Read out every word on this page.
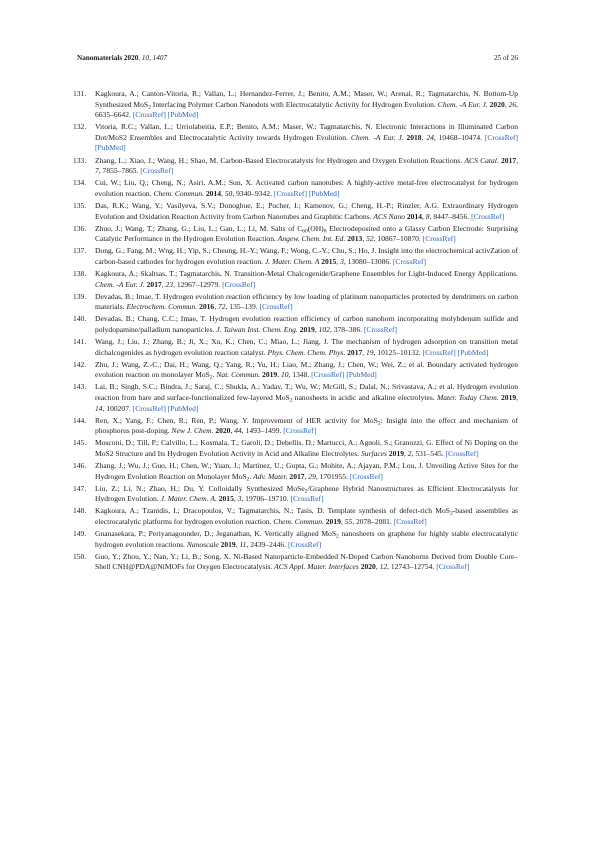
Nanomaterials 2020, 10, 1407	25 of 26
131. Kagkoura, A.; Canton-Vitoria, R.; Vallan, L.; Hernandez-Ferrer, J.; Benito, A.M.; Maser, W.; Arenal, R.; Tagmatarchis, N. Bottom-Up Synthesized MoS$_2$ Interfacing Polymer Carbon Nanodots with Electrocatalytic Activity for Hydrogen Evolution. Chem. -A Eur. J. 2020, 26, 6635–6642. [CrossRef] [PubMed]
132. Vitoria, R.C.; Vallan, L.; Urriolabeitia, E.P.; Benito, A.M.; Maser, W.; Tagmatarchis, N. Electronic Interactions in Illuminated Carbon Dot/MoS2 Ensembles and Electrocatalytic Activity towards Hydrogen Evolution. Chem. -A Eur. J. 2018, 24, 10468–10474. [CrossRef] [PubMed]
133. Zhang, L.; Xiao, J.; Wang, H.; Shao, M. Carbon-Based Electrocatalysts for Hydrogen and Oxygen Evolution Reactions. ACS Catal. 2017, 7, 7855–7865. [CrossRef]
134. Cui, W.; Liu, Q.; Cheng, N.; Asiri, A.M.; Sun, X. Activated carbon nanotubes: A highly-active metal-free electrocatalyst for hydrogen evolution reaction. Chem. Commun. 2014, 50, 9340–9342. [CrossRef] [PubMed]
135. Das, R.K.; Wang, Y.; Vasilyeva, S.V.; Donoghue, E.; Pucher, I.; Kamenov, G.; Cheng, H.-P.; Rinzler, A.G. Extraordinary Hydrogen Evolution and Oxidation Reaction Activity from Carbon Nanotubes and Graphitic Carbons. ACS Nano 2014, 8, 8447–8456. [CrossRef]
136. Zhuo, J.; Wang, T.; Zhang, G.; Liu, L.; Gan, L.; Li, M. Salts of $C_{60}(OH)_8$ Electrodeposited onto a Glassy Carbon Electrode: Surprising Catalytic Performance in the Hydrogen Evolution Reaction. Angew. Chem. Int. Ed. 2013, 52, 10867–10870. [CrossRef]
137. Dong, G.; Fang, M.; Wng, H.; Yip, S.; Cheung, H.-Y.; Wang, F.; Wong, C.-Y.; Chu, S.; Ho, J. Insight into the electrochemical activZation of carbon-based cathodes for hydrogen evolution reaction. J. Mater. Chem. A 2015, 3, 13080–13086. [CrossRef]
138. Kagkoura, A.; Skaltsas, T.; Tagmatarchis, N. Transition-Metal Chalcogenide/Graphene Ensembles for Light-Induced Energy Applications. Chem. -A Eur. J. 2017, 23, 12967–12979. [CrossRef]
139. Devadas, B.; Imae, T. Hydrogen evolution reaction efficiency by low loading of platinum nanoparticles protected by dendrimers on carbon materials. Electrochem. Commun. 2016, 72, 135–139. [CrossRef]
140. Devadas, B.; Chang, C.C.; Imae, T. Hydrogen evolution reaction efficiency of carbon nanohorn incorporating molybdenum sulfide and polydopamine/palladium nanoparticles. J. Taiwan Inst. Chem. Eng. 2019, 102, 378–386. [CrossRef]
141. Wang, J.; Liu, J.; Zhang, B.; Ji, X.; Xu, K.; Chen, C.; Miao, L.; Jiang, J. The mechanism of hydrogen adsorption on transition metal dichalcogenides as hydrogen evolution reaction catalyst. Phys. Chem. Chem. Phys. 2017, 19, 10125–10132. [CrossRef] [PubMed]
142. Zhu, J.; Wang, Z.-C.; Dai, H.; Wang, Q.; Yang, R.; Yu, H.; Liao, M.; Zhang, J.; Chen, W.; Wei, Z.; et al. Boundary activated hydrogen evolution reaction on monolayer MoS$_2$. Nat. Commun. 2019, 10, 1348. [CrossRef] [PubMed]
143. Lai, B.; Singh, S.C.; Bindra, J.; Saraj, C.; Shukla, A.; Yadav, T.; Wu, W.; McGill, S.; Dalal, N.; Srivastava, A.; et al. Hydrogen evolution reaction from bare and surface-functionalized few-layered MoS$_2$ nanosheets in acidic and alkaline electrolytes. Mater. Today Chem. 2019, 14, 100207. [CrossRef] [PubMed]
144. Ren, X.; Yang, F.; Chen, R.; Ren, P.; Wang, Y. Improvement of HER activity for MoS$_2$: Insight into the effect and mechanism of phosphorus post-doping. New J. Chem. 2020, 44, 1493–1499. [CrossRef]
145. Mosconi, D.; Till, P.; Calvillo, L.; Kosmala, T.; Garoli, D.; Debellis, D.; Martucci, A.; Agnoli, S.; Granozzi, G. Effect of Ni Doping on the MoS2 Structure and Its Hydrogen Evolution Activity in Acid and Alkaline Electrolytes. Surfaces 2019, 2, 531–545. [CrossRef]
146. Zhang, J.; Wu, J.; Guo, H.; Chen, W.; Yuan, J.; Martinez, U.; Gupta, G.; Mohite, A.; Ajayan, P.M.; Lou, J. Unveiling Active Sites for the Hydrogen Evolution Reaction on Monolayer MoS$_2$. Adv. Mater. 2017, 29, 1701955. [CrossRef]
147. Liu, Z.; Li, N.; Zhao, H.; Du, Y. Colloidally Synthesized MoSe$_2$/Graphene Hybrid Nanostructures as Efficient Electrocatalysts for Hydrogen Evolution. J. Mater. Chem. A. 2015, 3, 19706–19710. [CrossRef]
148. Kagkoura, A.; Tzanidis, I.; Dracopoulos, V.; Tagmatarchis, N.; Tasis, D. Template synthesis of defect-rich MoS$_2$-based assemblies as electrocatalytic platforms for hydrogen evolution reaction. Chem. Commun. 2019, 55, 2078–2081. [CrossRef]
149. Gnanasekara, P.; Periyanagounder, D.; Jeganathan, K. Vertically aligned MoS$_2$ nanosheets on graphene for highly stable electrocatalytic hydrogen evolution reactions. Nanoscale 2019, 11, 2439–2446. [CrossRef]
150. Guo, Y.; Zhou, Y.; Nan, Y.; Li, B.; Song, X. Ni-Based Nanoparticle-Embedded N-Doped Carbon Nanohorns Derived from Double Core–Shell CNH@PDA@NiMOFs for Oxygen Electrocatalysis. ACS Appl. Mater. Interfaces 2020, 12, 12743–12754. [CrossRef]
